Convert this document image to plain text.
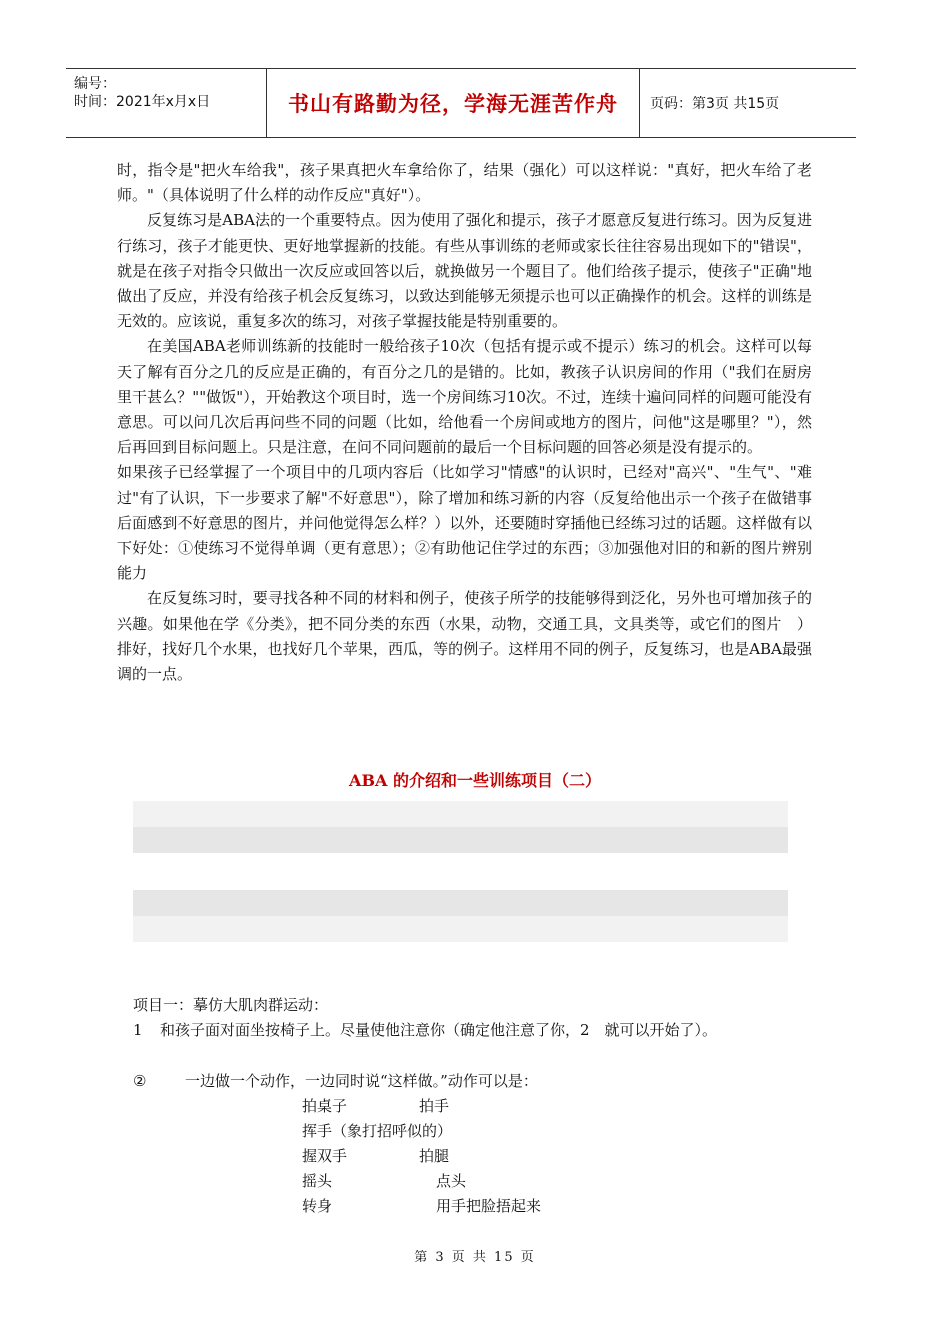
编号：
时间：2021年x月x日	书山有路勤为径，学海无涯苦作舟	页码：第3页 共15页

时，指令是"把火车给我"，孩子果真把火车拿给你了，结果（强化）可以这样说："真好，把火车给了老师。"（具体说明了什么样的动作反应"真好"）。

反复练习是ABA法的一个重要特点。因为使用了强化和提示，孩子才愿意反复进行练习。因为反复进行练习，孩子才能更快、更好地掌握新的技能。有些从事训练的老师或家长往往容易出现如下的"错误"，就是在孩子对指令只做出一次反应或回答以后，就换做另一个题目了。他们给孩子提示，使孩子"正确"地做出了反应，并没有给孩子机会反复练习，以致达到能够无须提示也可以正确操作的机会。这样的训练是无效的。应该说，重复多次的练习，对孩子掌握技能是特别重要的。

在美国ABA老师训练新的技能时一般给孩子10次（包括有提示或不提示）练习的机会。这样可以每天了解有百分之几的反应是正确的，有百分之几的是错的。比如，教孩子认识房间的作用（"我们在厨房里干甚么？""做饭"），开始教这个项目时，选一个房间练习10次。不过，连续十遍问同样的问题可能没有意思。可以问几次后再问些不同的问题（比如，给他看一个房间或地方的图片，问他"这是哪里？"），然后再回到目标问题上。只是注意，在问不同问题前的最后一个目标问题的回答必须是没有提示的。

如果孩子已经掌握了一个项目中的几项内容后（比如学习"情感"的认识时，已经对"高兴"、"生气"、"难过"有了认识，下一步要求了解"不好意思"），除了增加和练习新的内容（反复给他出示一个孩子在做错事后面感到不好意思的图片，并问他觉得怎么样？）以外，还要随时穿插他已经练习过的话题。这样做有以下好处：①使练习不觉得单调（更有意思）；②有助他记住学过的东西；③加强他对旧的和新的图片辨别能力

在反复练习时，要寻找各种不同的材料和例子，使孩子所学的技能够得到泛化，另外也可增加孩子的兴趣。如果他在学《分类》，把不同分类的东西（水果，动物，交通工具，文具类等，或它们的图片　）排好，找好几个水果，也找好几个苹果，西瓜，等的例子。这样用不同的例子，反复练习，也是ABA最强调的一点。

ABA 的介绍和一些训练项目（二）
项目一：摹仿大肌肉群运动：
1 和孩子面对面坐按椅子上。尽量使他注意你（确定他注意了你，2　就可以开始了）。
②	一边做一个动作，一边同时说“这样做。”动作可以是：
拍桌子	拍手
挥手（象打招呼似的）
握双手	拍腿
摇头	点头
转身	用手把脸捂起来
第 3 页 共 15 页
